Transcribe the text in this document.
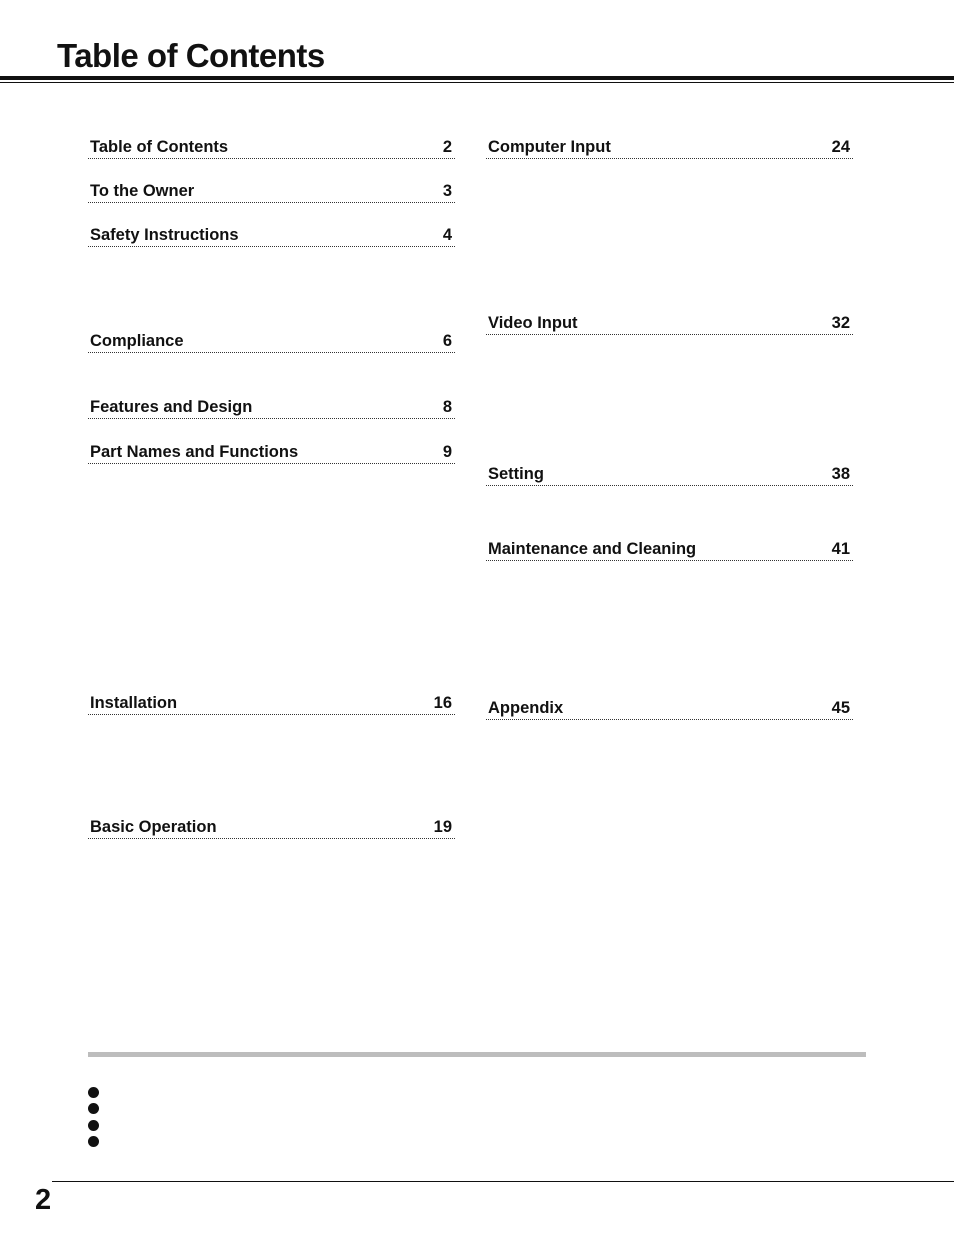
Table of Contents
Table of Contents	2
To the Owner	3
Safety Instructions	4
Compliance	6
Features and Design	8
Part Names and Functions	9
Installation	16
Basic Operation	19
Computer Input	24
Video Input	32
Setting	38
Maintenance and Cleaning	41
Appendix	45
2
